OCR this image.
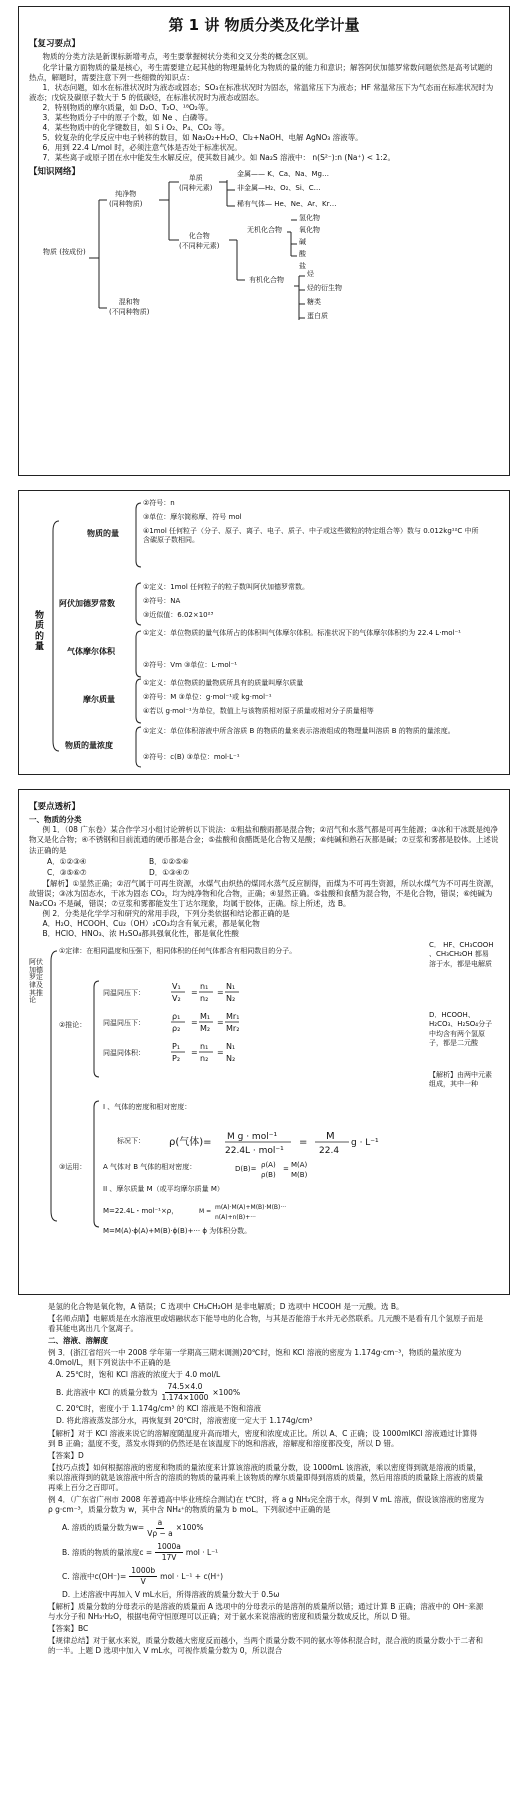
第 1 讲 物质分类及化学计量
【复习要点】

物质的分类方法是新课标新增考点，考生要掌握树状分类和交叉分类的概念区别。

化学计量方面物质的量是核心，考生需要建立起其他的物理量转化为物质的量的能力和意识；解答阿伏加德罗常数问题依然是高考试题的热点，解题时，需要注意下列一些细微的知识点：

1．状态问题，如水在标准状况时为液态或固态；SO₃在标准状况时为固态，常温常压下为液态；HF 常温常压下为气态而在标准状况时为液态；戊烷及碳原子数大于 5 的低碳烃，在标准状况时为液态或固态。

2．特别物质的摩尔质量，如 D₂O、T₂O、¹⁸O₂等。

3．某些物质分子中的原子个数，如 Ne 、白磷等。

4．某些物质中的化学键数目，如 S i O₂、P₄、CO₂ 等。

5．较复杂的化学反应中电子转移的数目，如 Na₂O₂+H₂O、Cl₂+NaOH、电解 AgNO₃ 溶液等。

6．用到 22.4 L/mol 时，必须注意气体是否处于标准状况。

7．某些离子或原子团在水中能发生水解反应，使其数目减少。如 Na₂S 溶液中： n(S²⁻):n (Na⁺) < 1:2。

【知识网络】
物质 (按成份)
纯净物
(同种物质)
混和物
(不同种物质)
单质
(同种元素)
化合物
(不同种元素)
金属—— K、Ca、Na、Mg…
非金属—H₂、O₂、Si、C…
稀有气体— He、Ne、Ar、Kr…
无机化合物
氢化物
氧化物
碱
酸
盐
有机化合物
烃
烃的衍生物
糖类
蛋白质
物质的量
物质的量
②符号：n
③单位：摩尔简称摩、符号 mol
④1mol 任何粒子（分子、原子、离子、电子、质子、中子或这些微粒的特定组合等）数与 0.012kg¹²C 中所含碳原子数相同。
阿伏加德罗常数
①定义：1mol 任何粒子的粒子数叫阿伏加德罗常数。
②符号：NA
③近似值：6.02×10²³
气体摩尔体积
①定义：单位物质的量气体所占的体积叫气体摩尔体积。标准状况下的气体摩尔体积约为 22.4 L·mol⁻¹
②符号：Vm ③单位：L·mol⁻¹
摩尔质量
①定义：单位物质的量物质所具有的质量叫摩尔质量
②符号：M ③单位：g·mol⁻¹或 kg·mol⁻¹
④若以 g·mol⁻¹为单位，数值上与该物质相对原子质量或相对分子质量相等
物质的量浓度
①定义：单位体积溶液中所含溶质 B 的物质的量来表示溶液组成的物理量叫溶质 B 的物质的量浓度。
②符号：c(B) ③单位：mol·L⁻¹
【要点透析】
一、物质的分类

例 1．（08 广东卷）某合作学习小组讨论辨析以下说法：①粗盐和酸雨都是混合物；②沼气和水蒸气都是可再生能源；③冰和干冰既是纯净物又是化合物；④不锈钢和目前流通的硬币都是合金；⑤盐酸和食醋既是化合物又是酸；⑥纯碱和熟石灰都是碱；⑦豆浆和雾都是胶体。上述说法正确的是

A．①②③④	B．①②⑤⑥
C．③⑤⑥⑦	D．①③④⑦

【解析】①显然正确；②沼气属于可再生资源，水煤气由炽热的煤同水蒸气反应制得，而煤为不可再生资源，所以水煤气为不可再生资源，故错误；③冰为固态水，干冰为固态 CO₂，均为纯净物和化合物，正确；④显然正确。⑤盐酸和食醋为混合物，不是化合物，错误；⑥纯碱为 Na₂CO₃ 不是碱，错误；⑦豆浆和雾都能发生丁达尔现象，均属于胶体，正确。综上所述，选 B。

例 2．分类是化学学习和研究的常用手段，下列分类依据和结论都正确的是

A．H₂O、HCOOH、Cu₂（OH）₂CO₃均含有氧元素，都是氧化物

B．HClO、HNO₃、浓 H₂SO₄都具强氧化性，都是氧化性酸

V₁
V₂
=
n₁
n₂
=
N₁
N₂
ρ₁
ρ₂
=
M₁
M₂
=
Mr₁
Mr₂
P₁
P₂
=
n₁
n₂
=
N₁
N₂
ρ(气体)= M g · mol⁻¹
22.4L · mol⁻¹
=
M
22.4
g · L⁻¹
D(B)= ρ(A)
ρ(B)
= M(A)
M(B)
M =
m(A)·M(A)+M(B)·M(B)···
n(A)+n(B)+···
阿伏加德罗定律及其推论
①定律：在相同温度和压强下，相同体积的任何气体都含有相同数目的分子。
②推论：
同温同压下：
同温同压下：
同温同体积：
③运用：
I 、气体的密度和相对密度：
标况下：
A 气体对 B 气体的相对密度：
II 、摩尔质量 M（或平均摩尔质量 M）
M=22.4L・mol⁻¹×ρ，
M=M(A)·ϕ(A)+M(B)·ϕ(B)+··· ϕ 为体积分数。
C． HF、CH₃COOH 、CH₃CH₂OH 都易溶于水，都是电解质
D．HCOOH、H₂CO₃、H₂SO₄分子中均含有两个氢原子，都是二元酸
【解析】由两中元素组成，其中一种

是氢的化合物是氧化物，A 错误；C 选项中 CH₃CH₂OH 是非电解质；D 选项中 HCOOH 是一元酸。选 B。

【名师点睛】电解质是在水溶液里或熔融状态下能导电的化合物，与其是否能溶于水并无必然联系。几元酸不是看有几个氢原子而是看其能电离出几个氢离子。

二、溶液、溶解度

例 3．(浙江省绍兴一中 2008 学年第一学期高三期末调测)20℃时，饱和 KCl 溶液的密度为 1.174g·cm⁻³，物质的量浓度为 4.0mol/L，则下列说法中不正确的是

A. 25℃时，饱和 KCl 溶液的浓度大于 4.0 mol/L

B. 此溶液中 KCl 的质量分数为 $\frac{74.5\times 4.0}{1.174\times 1000} \times 100\%$

C. 20℃时，密度小于 1.174g/cm³ 的 KCl 溶液是不饱和溶液

D. 将此溶液蒸发部分水，再恢复到 20℃时，溶液密度一定大于 1.174g/cm³

【解析】对于 KCl 溶液来说它的溶解度随温度升高而增大，密度和浓度成正比。所以 A、C 正确；设 1000mlKCl 溶液通过计算得到 B 正确；温度不变，蒸发水得到的仍然还是在该温度下的饱和溶液，溶解度和溶度都没变，所以 D 错。

【答案】D

【技巧点拨】如何根据溶液的密度和物质的量浓度来计算该溶液的质量分数，设 1000mL 该溶液，乘以密度得到就是溶液的质量，乘以溶液得到的就是该溶液中所含的溶质的物质的量再乘上该物质的摩尔质量即得到溶质的质量，然后用溶质的质量除上溶液的质量再乘上百分之百即可。

例 4．（广东省广州市 2008 年普通高中毕业班综合测试)在 t℃时，将 a g NH₃完全溶于水，得到 V mL 溶液，假设该溶液的密度为 ρ g·cm⁻³，质量分数为 w，其中含 NH₄⁺的物质的量为 b moL。下列叙述中正确的是

A. 溶质的质量分数为$w= \frac{a}{V\rho - a} \times 100\%$
B. 溶质的物质的量浓度$c = \frac{1000a}{17V}$ mol · L⁻¹
C. 溶液中$c(OH^-)= \frac{1000b}{V}$ mol · L⁻¹ + c(H⁺)

D. 上述溶液中再加入 V mL水后，所得溶液的质量分数大于 0.5ω

【解析】质量分数的分母表示的是溶液的质量而 A 选项中的分母表示的是溶剂的质量所以错；通过计算 B 正确；溶液中的 OH⁻来源与水分子和 NH₃·H₂O，根据电荷守恒原理可以正确；对于氨水来说溶液的密度和质量分数成反比，所以 D 错。

【答案】BC

【规律总结】对于氨水来说，质量分数越大密度反而越小，当两个质量分数不同的氨水等体积混合时，混合液的质量分数小于二者和的一半。上题 D 选项中加入 V mL水，可视作质量分数为 0，所以混合
